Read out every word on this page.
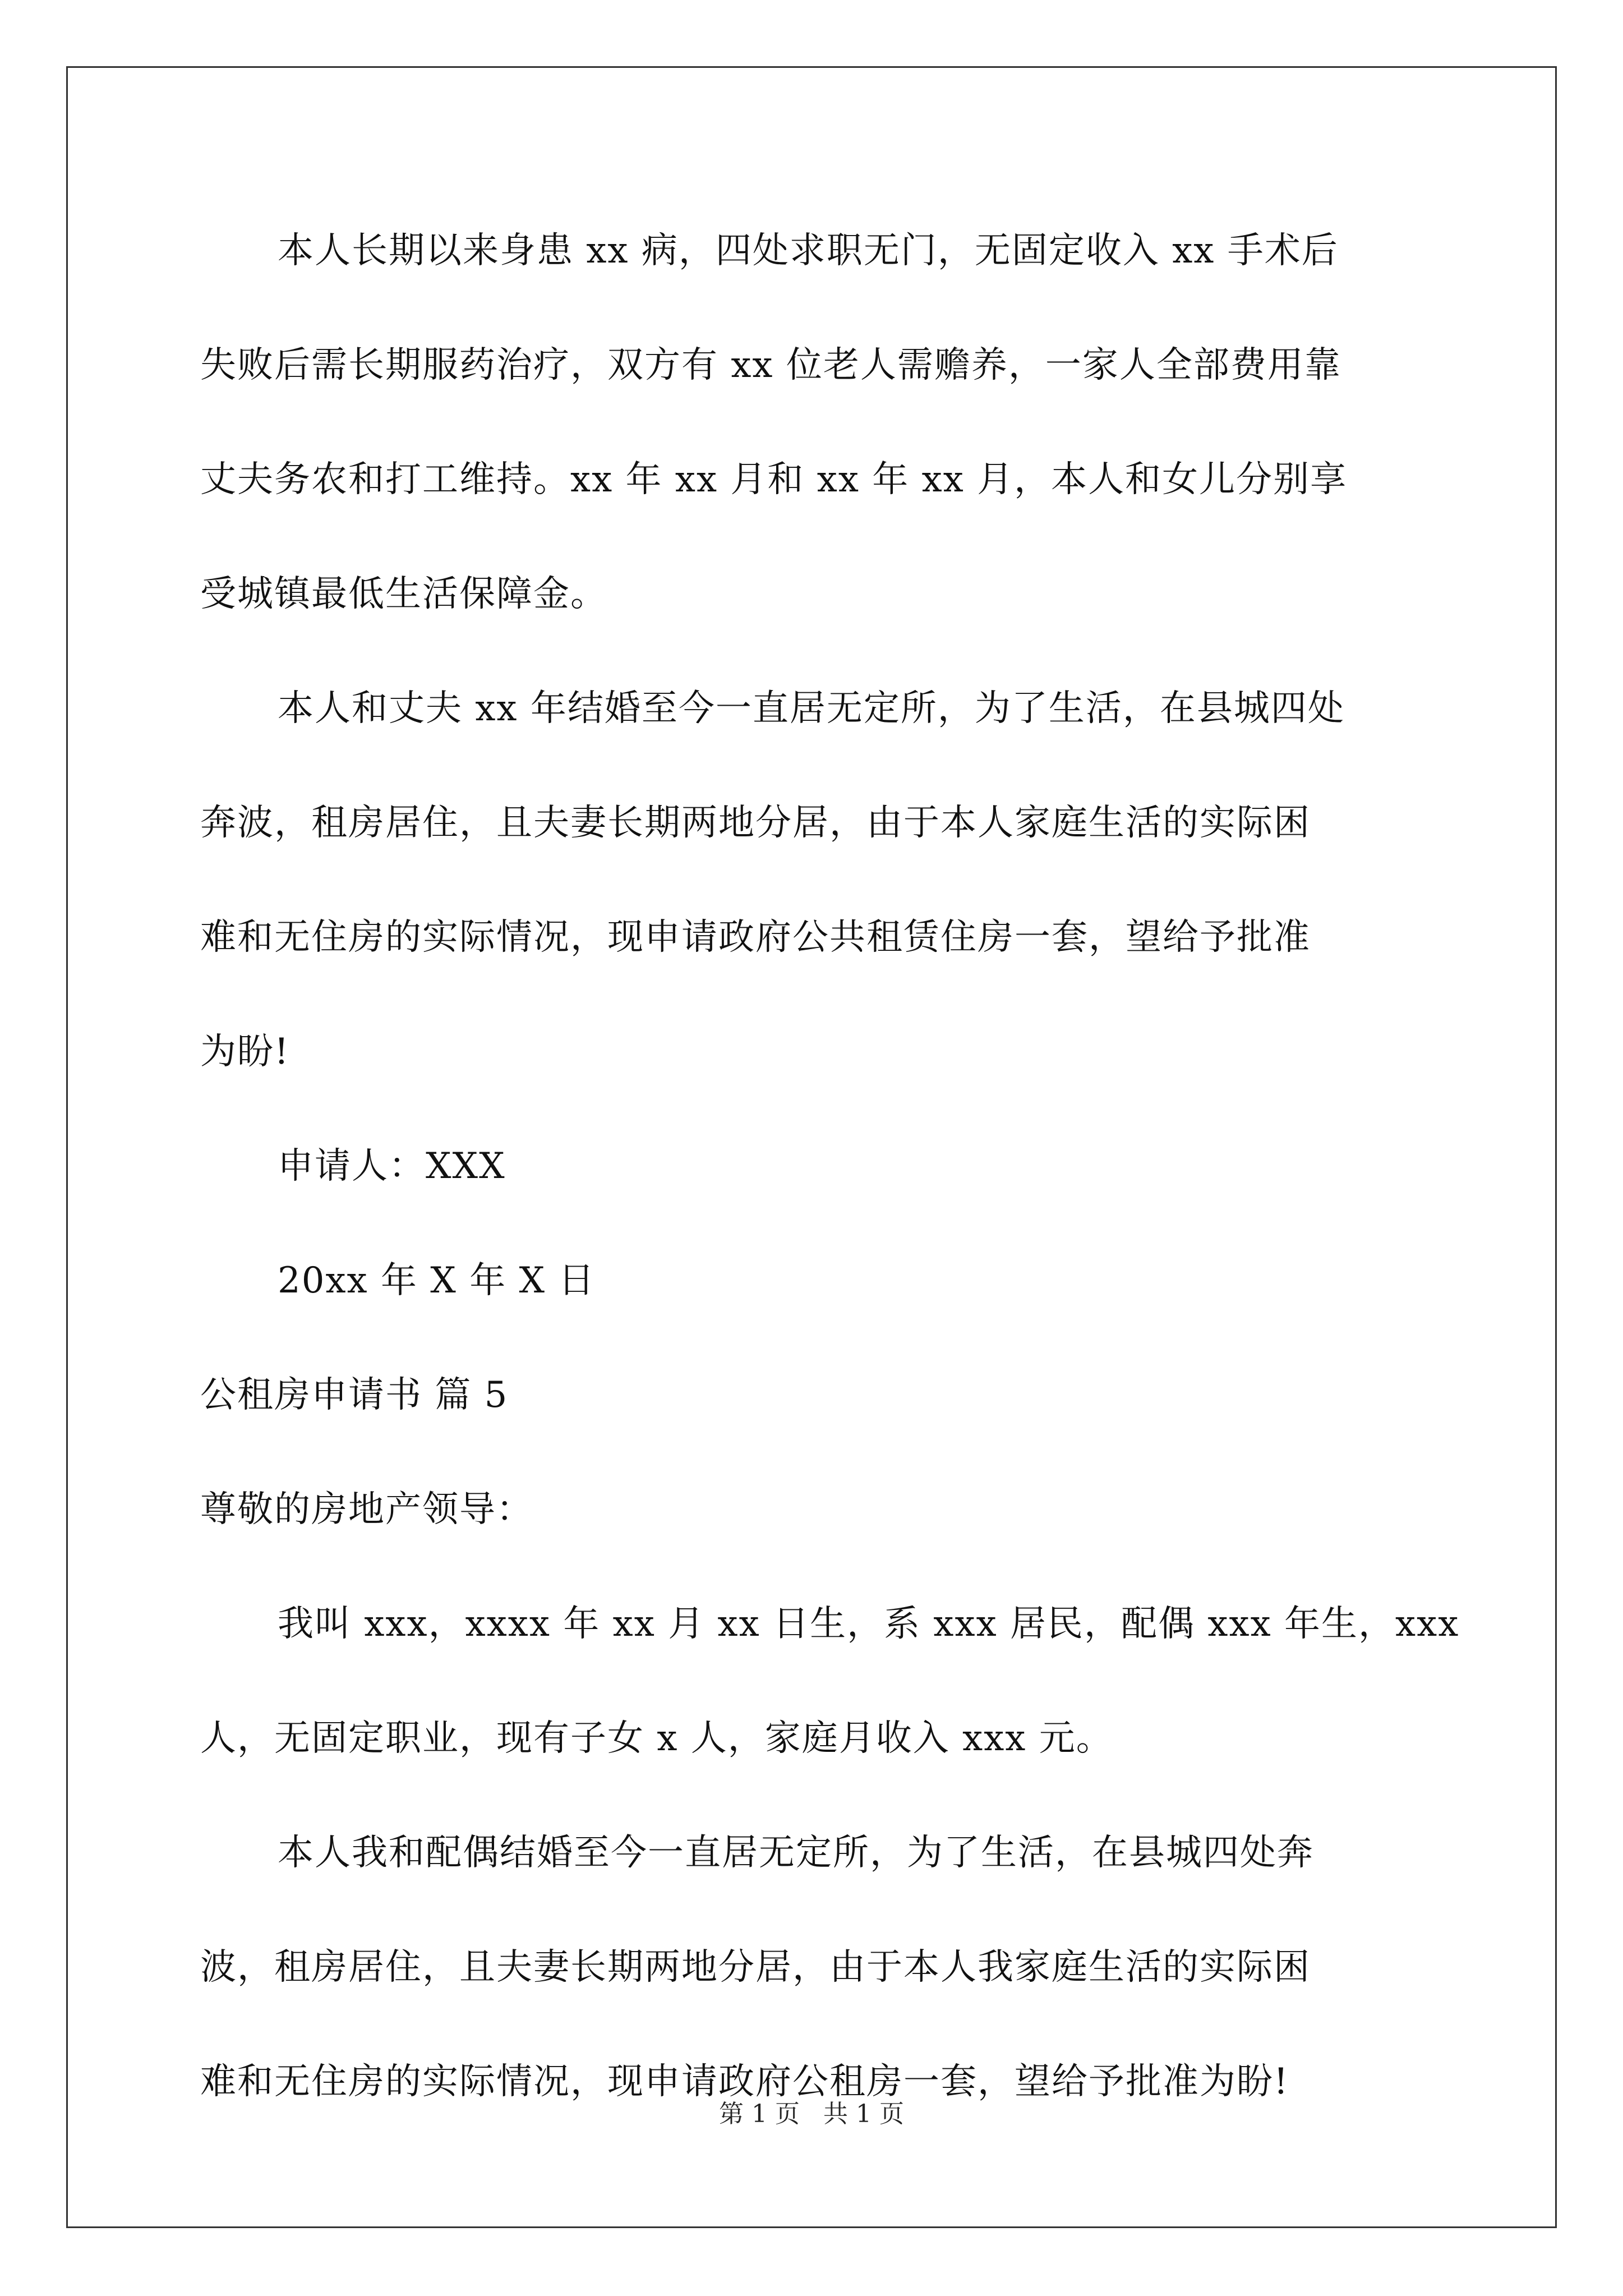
本人长期以来身患 xx 病，四处求职无门，无固定收入 xx 手术后
失败后需长期服药治疗，双方有 xx 位老人需赡养，一家人全部费用靠
丈夫务农和打工维持。xx 年 xx 月和 xx 年 xx 月，本人和女儿分别享
受城镇最低生活保障金。
本人和丈夫 xx 年结婚至今一直居无定所，为了生活，在县城四处
奔波，租房居住，且夫妻长期两地分居，由于本人家庭生活的实际困
难和无住房的实际情况，现申请政府公共租赁住房一套，望给予批准
为盼!
申请人：XXX
20xx 年 X 年 X 日
公租房申请书 篇 5
尊敬的房地产领导：
我叫 xxx，xxxx 年 xx 月 xx 日生，系 xxx 居民，配偶 xxx 年生，xxx
人，无固定职业，现有子女 x 人，家庭月收入 xxx 元。
本人我和配偶结婚至今一直居无定所，为了生活，在县城四处奔
波，租房居住，且夫妻长期两地分居，由于本人我家庭生活的实际困
难和无住房的实际情况，现申请政府公租房一套，望给予批准为盼!
第 1 页   共 1 页
